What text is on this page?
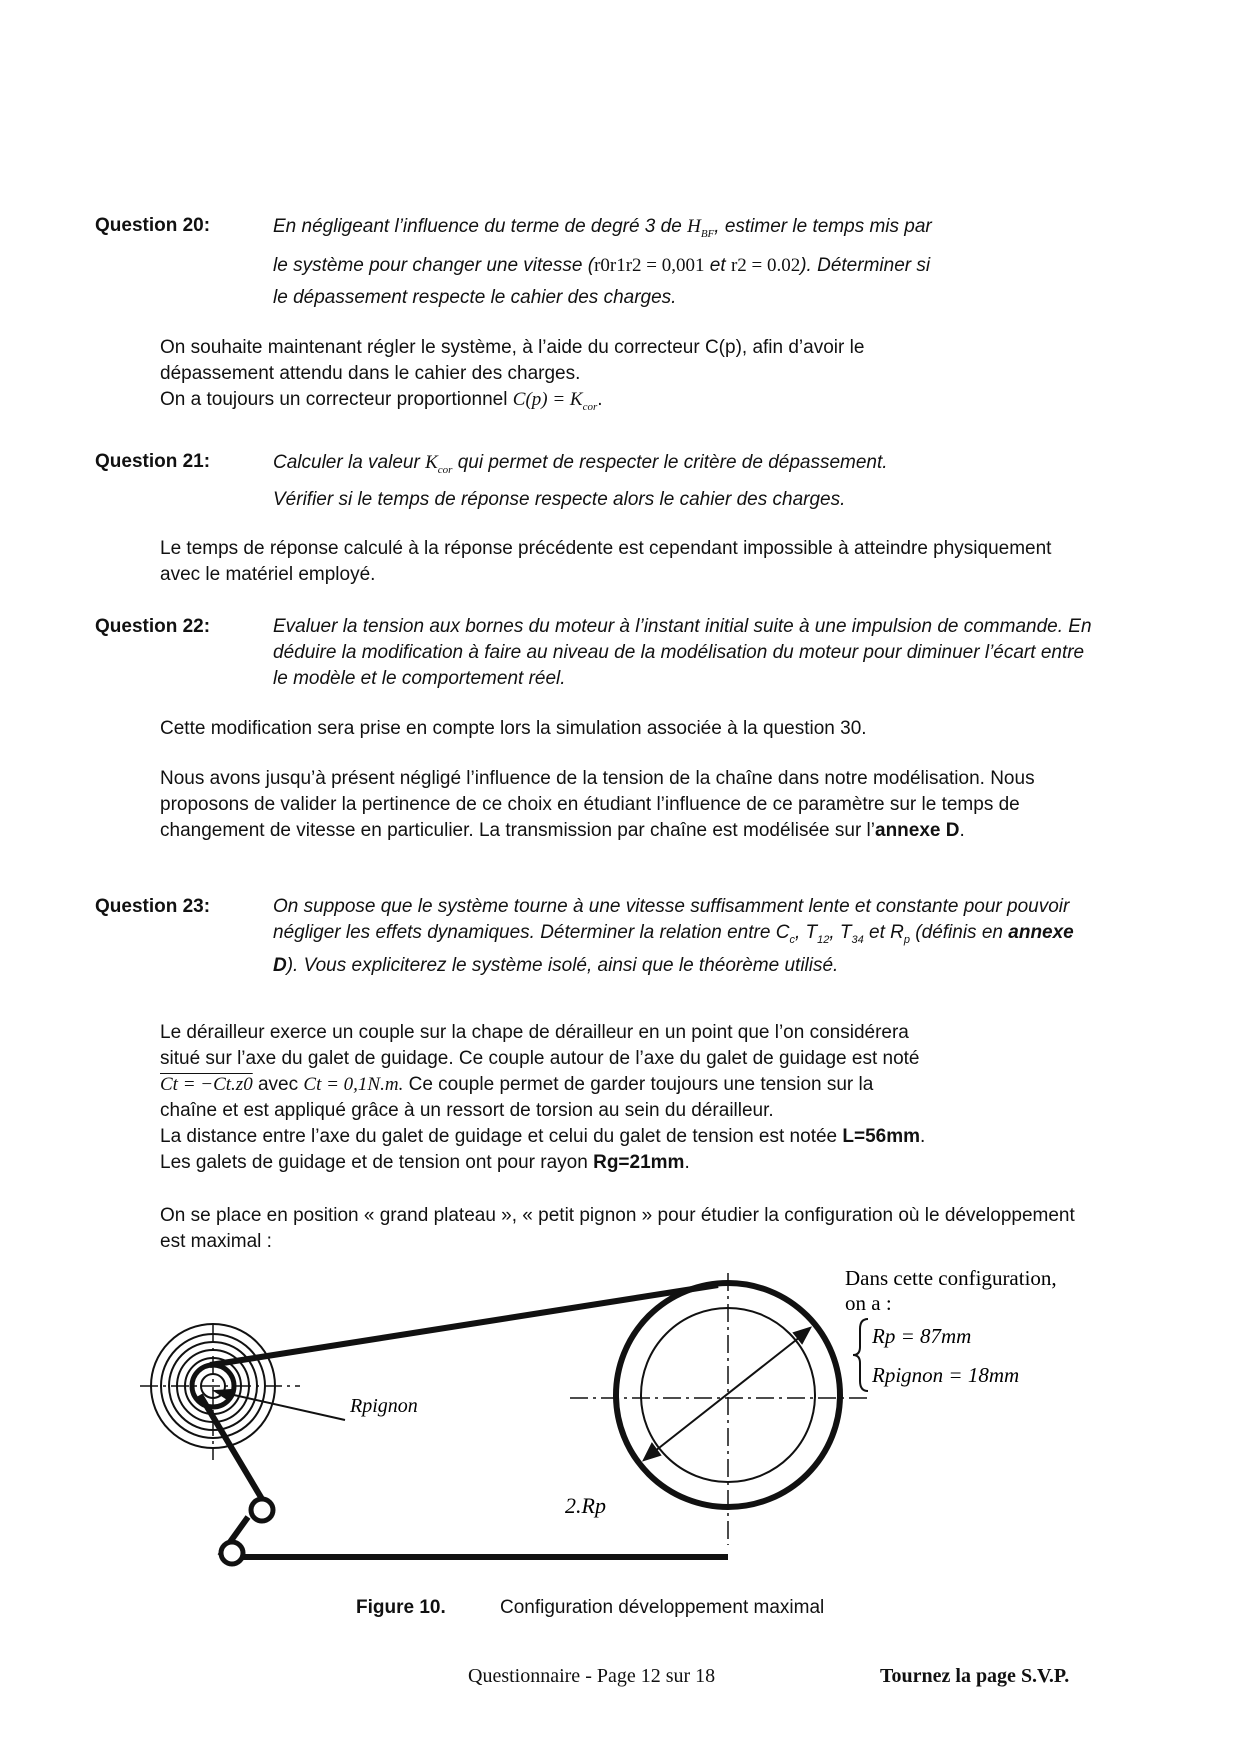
Question 20:	En négligeant l’influence du terme de degré 3 de $H_{BF}$, estimer le temps mis par
le système pour changer une vitesse (r0r1r2 = 0,001 et r2 = 0.02). Déterminer si
le dépassement respecte le cahier des charges.
On souhaite maintenant régler le système, à l’aide du correcteur C(p), afin d’avoir le
dépassement attendu dans le cahier des charges.
On a toujours un correcteur proportionnel $C(p) = K_{cor}$.
Question 21:	Calculer la valeur $K_{cor}$ qui permet de respecter le critère de dépassement.
Vérifier si le temps de réponse respecte alors le cahier des charges.
Le temps de réponse calculé à la réponse précédente est cependant impossible à atteindre physiquement avec le matériel employé.
Question 22:	Evaluer la tension aux bornes du moteur à l’instant initial suite à une impulsion de commande. En déduire la modification à faire au niveau de la modélisation du moteur pour diminuer l’écart entre le modèle et le comportement réel.
Cette modification sera prise en compte lors la simulation associée à la question 30.
Nous avons jusqu’à présent négligé l’influence de la tension de la chaîne dans notre modélisation. Nous proposons de valider la pertinence de ce choix en étudiant l’influence de ce paramètre sur le temps de changement de vitesse en particulier. La transmission par chaîne est modélisée sur l’annexe D.
Question 23:	On suppose que le système tourne à une vitesse suffisamment lente et constante pour pouvoir négliger les effets dynamiques. Déterminer la relation entre $C_c$, $T_{12}$, $T_{34}$ et $R_p$ (définis en annexe D). Vous expliciterez le système isolé, ainsi que le théorème utilisé.
Le dérailleur exerce un couple sur la chape de dérailleur en un point que l’on considérera
situé sur l’axe du galet de guidage. Ce couple autour de l’axe du galet de guidage est noté
Ct = −Ct.z0 avec Ct = 0,1N.m. Ce couple permet de garder toujours une tension sur la
chaîne et est appliqué grâce à un ressort de torsion au sein du dérailleur.
La distance entre l’axe du galet de guidage et celui du galet de tension est notée L=56mm.
Les galets de guidage et de tension ont pour rayon Rg=21mm.
On se place en position « grand plateau », « petit pignon » pour étudier la configuration où le développement est maximal :
Rpignon
2.Rp
Dans cette configuration,
on a :
Rp = 87mm
Rpignon = 18mm
Figure 10.	Configuration développement maximal
Questionnaire - Page 12 sur 18	Tournez la page S.V.P.
